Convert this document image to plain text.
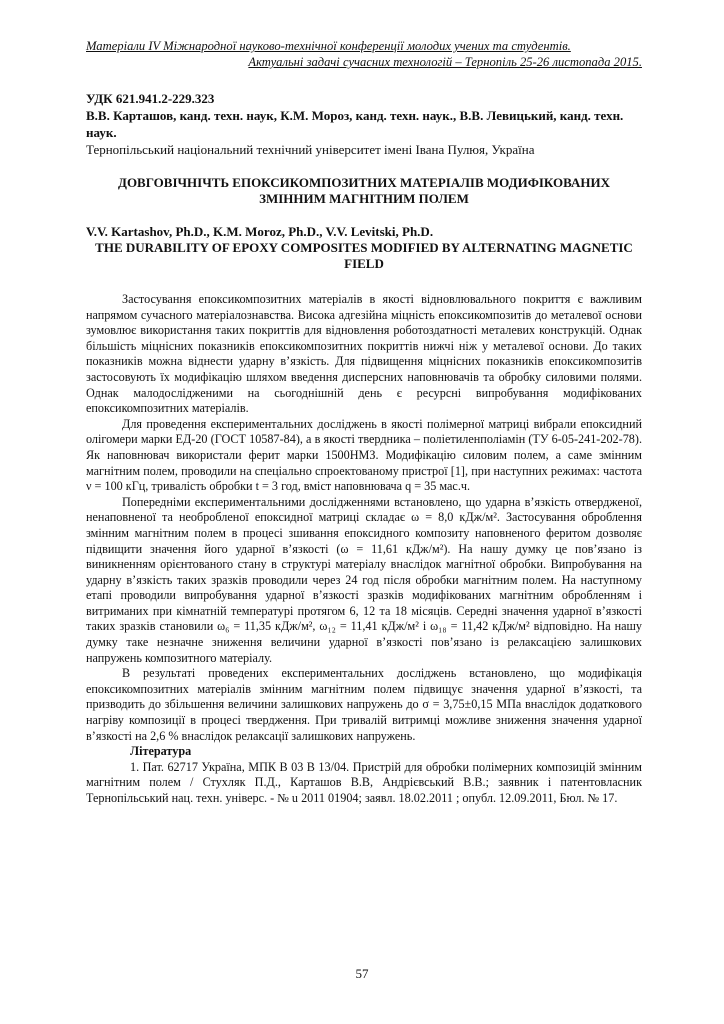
Матеріали IV Міжнародної науково-технічної конференції молодих учених та студентів.
Актуальні задачі сучасних технологій – Тернопіль 25-26 листопада 2015.
УДК 621.941.2-229.323
В.В. Карташов, канд. техн. наук, К.М. Мороз, канд. техн. наук., В.В. Левицький, канд. техн. наук.
Тернопільський національний технічний університет імені Івана Пулюя, Україна
ДОВГОВІЧНІЧТЬ ЕПОКСИКОМПОЗИТНИХ МАТЕРІАЛІВ МОДИФІКОВАНИХ ЗМІННИМ МАГНІТНИМ ПОЛЕМ
V.V. Kartashov, Ph.D., K.M. Moroz, Ph.D., V.V. Levitski, Ph.D.
THE DURABILITY OF EPOXY COMPOSITES MODIFIED BY ALTERNATING MAGNETIC FIELD

Застосування епоксикомпозитних матеріалів в якості відновлювального покриття є важливим напрямом сучасного матеріалознавства. Висока адгезійна міцність епоксикомпозитів до металевої основи зумовлює використання таких покриттів для відновлення роботоздатності металевих конструкцій. Однак більшість міцнісних показників епоксикомпозитних покриттів нижчі ніж у металевої основи. До таких показників можна віднести ударну в’язкість. Для підвищення міцнісних показників епоксикомпозитів застосовують їх модифікацію шляхом введення дисперсних наповнювачів та обробку силовими полями. Однак малодослідженими на сьогоднішній день є ресурсні випробування модифікованих епоксикомпозитних матеріалів.

Для проведення експериментальних досліджень в якості полімерної матриці вибрали епоксидний олігомери марки ЕД-20 (ГОСТ 10587-84), а в якості твердника – поліетиленполіамін (ТУ 6-05-241-202-78). Як наповнювач використали ферит марки 1500НМЗ. Модифікацію силовим полем, а саме змінним магнітним полем, проводили на спеціально спроектованому пристрої [1], при наступних режимах: частота ν = 100 кГц, тривалість обробки t = 3 год, вміст наповнювача q = 35 мас.ч.

Попередніми експериментальними дослідженнями встановлено, що ударна в’язкість отвердженої, ненаповненої та необробленої епоксидної матриці складає ω = 8,0 кДж/м². Застосування оброблення змінним магнітним полем в процесі зшивання епоксидного композиту наповненого феритом дозволяє підвищити значення його ударної в’язкості (ω = 11,61 кДж/м²). На нашу думку це пов’язано із виникненням орієнтованого стану в структурі матеріалу внаслідок магнітної обробки. Випробування на ударну в’язкість таких зразків проводили через 24 год після обробки магнітним полем. На наступному етапі проводили випробування ударної в’язкості зразків модифікованих магнітним обробленням і витриманих при кімнатній температурі протягом 6, 12 та 18 місяців. Середні значення ударної в’язкості таких зразків становили ω₆ = 11,35 кДж/м², ω₁₂ = 11,41 кДж/м² і ω₁₈ = 11,42 кДж/м² відповідно. На нашу думку таке незначне зниження величини ударної в’язкості пов’язано із релаксацією залишкових напружень композитного матеріалу.

В результаті проведених експериментальних досліджень встановлено, що модифікація епоксикомпозитних матеріалів змінним магнітним полем підвищує значення ударної в’язкості, та призводить до збільшення величини залишкових напружень до σ = 3,75±0,15 МПа внаслідок додаткового нагріву композиції в процесі твердження. При тривалій витримці можливе зниження значення ударної в’язкості на 2,6 % внаслідок релаксації залишкових напружень.

Література
1. Пат. 62717 Україна, МПК В 03 В 13/04. Пристрій для обробки полімерних композицій змінним магнітним полем / Стухляк П.Д., Карташов В.В, Андрієвський В.В.; заявник і патентовласник Тернопільський нац. техн. універс. - № u 2011 01904; заявл. 18.02.2011 ; опубл. 12.09.2011, Бюл. № 17.
57
